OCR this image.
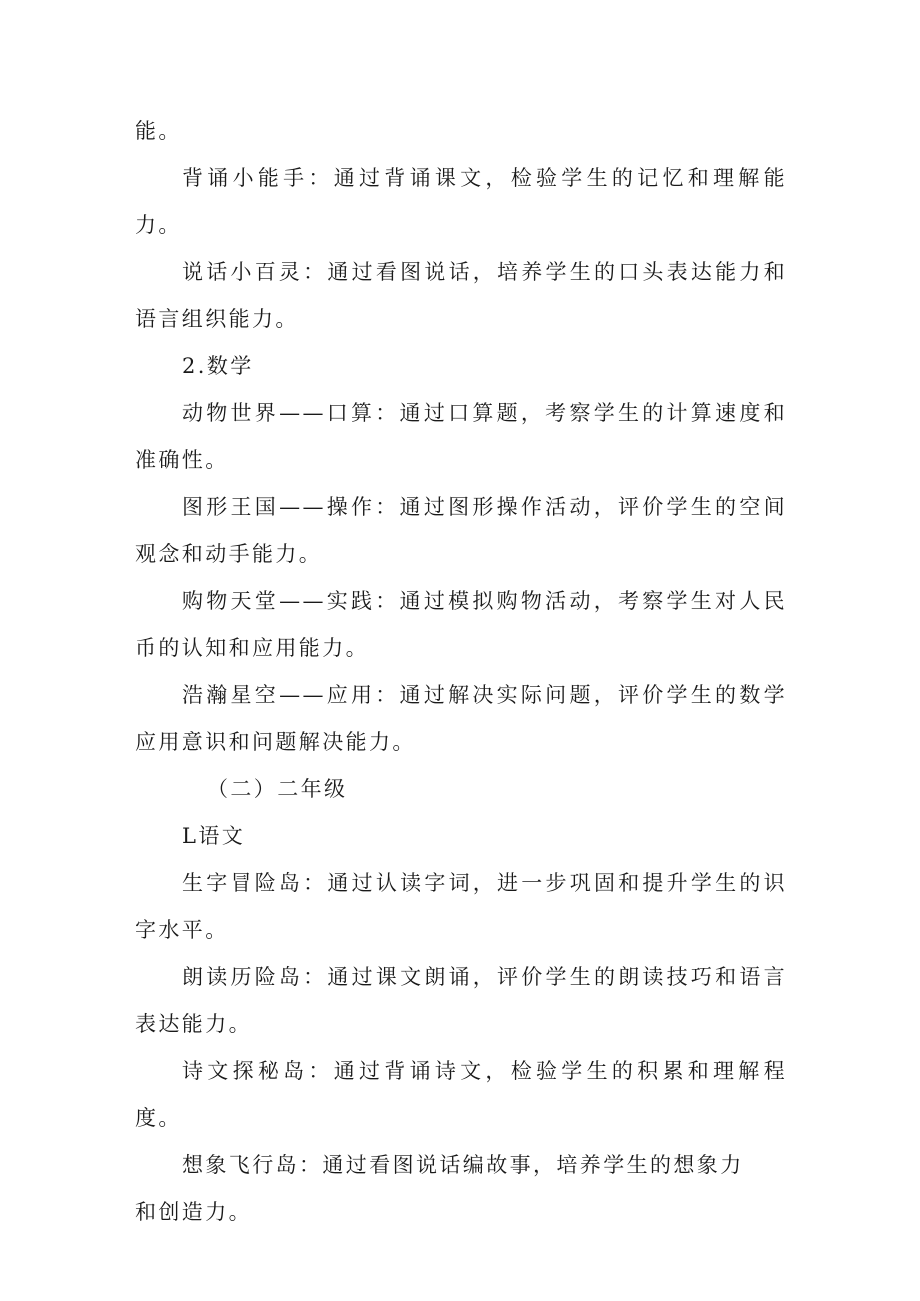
能。

背诵小能手：通过背诵课文，检验学生的记忆和理解能力。

说话小百灵：通过看图说话，培养学生的口头表达能力和语言组织能力。

2.数学

动物世界——口算：通过口算题，考察学生的计算速度和准确性。

图形王国——操作：通过图形操作活动，评价学生的空间观念和动手能力。

购物天堂——实践：通过模拟购物活动，考察学生对人民币的认知和应用能力。

浩瀚星空——应用：通过解决实际问题，评价学生的数学应用意识和问题解决能力。

（二）二年级

L语文

生字冒险岛：通过认读字词，进一步巩固和提升学生的识字水平。

朗读历险岛：通过课文朗诵，评价学生的朗读技巧和语言表达能力。

诗文探秘岛：通过背诵诗文，检验学生的积累和理解程度。

想象飞行岛：通过看图说话编故事，培养学生的想象力

和创造力。
